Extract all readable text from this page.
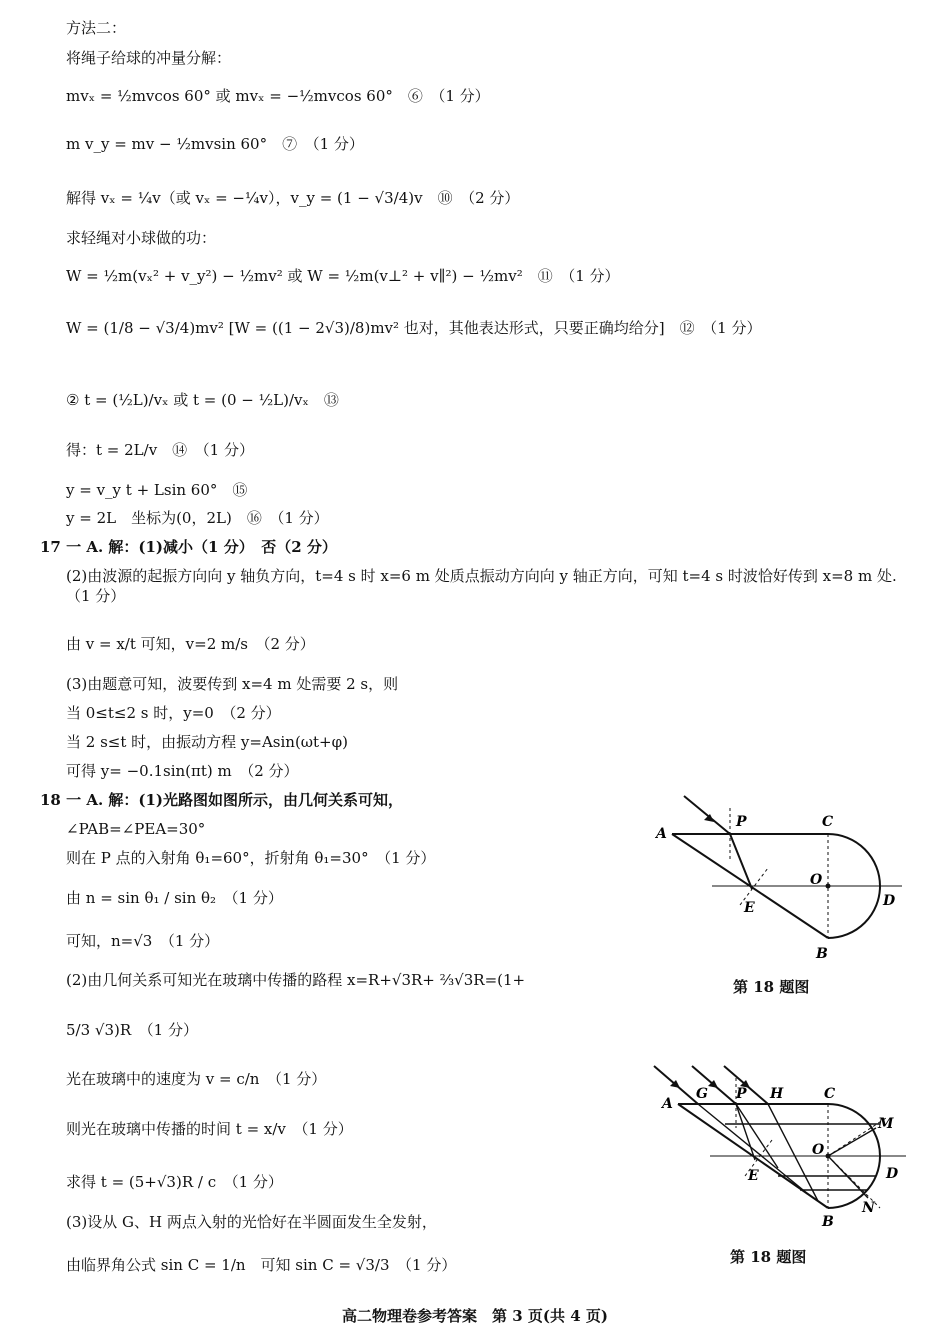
方法二：
将绳子给球的冲量分解：
mvₓ = ½mvcos 60° 或 mvₓ = −½mvcos 60°　⑥　（1 分）
m v_y = mv − ½mvsin 60°　⑦　（1 分）
解得 vₓ = ¼v（或 vₓ = −¼v），v_y = (1 − √3/4)v　⑩　（2 分）
求轻绳对小球做的功：
W = ½m(vₓ² + v_y²) − ½mv² 或 W = ½m(v⊥² + v∥²) − ½mv²　⑪　（1 分）
W = (1/8 − √3/4)mv² [W = ((1 − 2√3)/8)mv² 也对，其他表达形式，只要正确均给分]　⑫　（1 分）
② t = (½L)/vₓ 或 t = (0 − ½L)/vₓ　⑬
得：t = 2L/v　⑭　（1 分）
y = v_y t + Lsin 60°　⑮
y = 2L　坐标为(0，2L)　⑯　（1 分）
17 一 A. 解：(1)减小（1 分）　否（2 分）
(2)由波源的起振方向向 y 轴负方向，t=4 s 时 x=6 m 处质点振动方向向 y 轴正方向，可知 t=4 s 时波恰好传到 x=8 m 处.（1 分）
由 v = x/t 可知，v=2 m/s　（2 分）
(3)由题意可知，波要传到 x=4 m 处需要 2 s，则
当 0≤t≤2 s 时，y=0　（2 分）
当 2 s≤t 时，由振动方程 y=Asin(ωt+φ)
可得 y= −0.1sin(πt) m　（2 分）
18 一 A. 解：(1)光路图如图所示，由几何关系可知，
∠PAB=∠PEA=30°
则在 P 点的入射角 θ₁=60°，折射角 θ₁=30°　（1 分）
由 n = sin θ₁ / sin θ₂　（1 分）
可知，n=√3　（1 分）
(2)由几何关系可知光在玻璃中传播的路程 x=R+√3R+ ⅔√3R=(1+
5/3 √3)R　（1 分）
光在玻璃中的速度为 v = c/n　（1 分）
则光在玻璃中传播的时间 t = x/v　（1 分）
求得 t = (5+√3)R / c　（1 分）
(3)设从 G、H 两点入射的光恰好在半圆面发生全发射，
由临界角公式 sin C = 1/n　可知 sin C = √3/3　（1 分）
A
P	C
O
D
E
B
第 18 题图
A
G P H	C
M
O
D
E
N
B
第 18 题图
高二物理卷参考答案　第 3 页(共 4 页)
